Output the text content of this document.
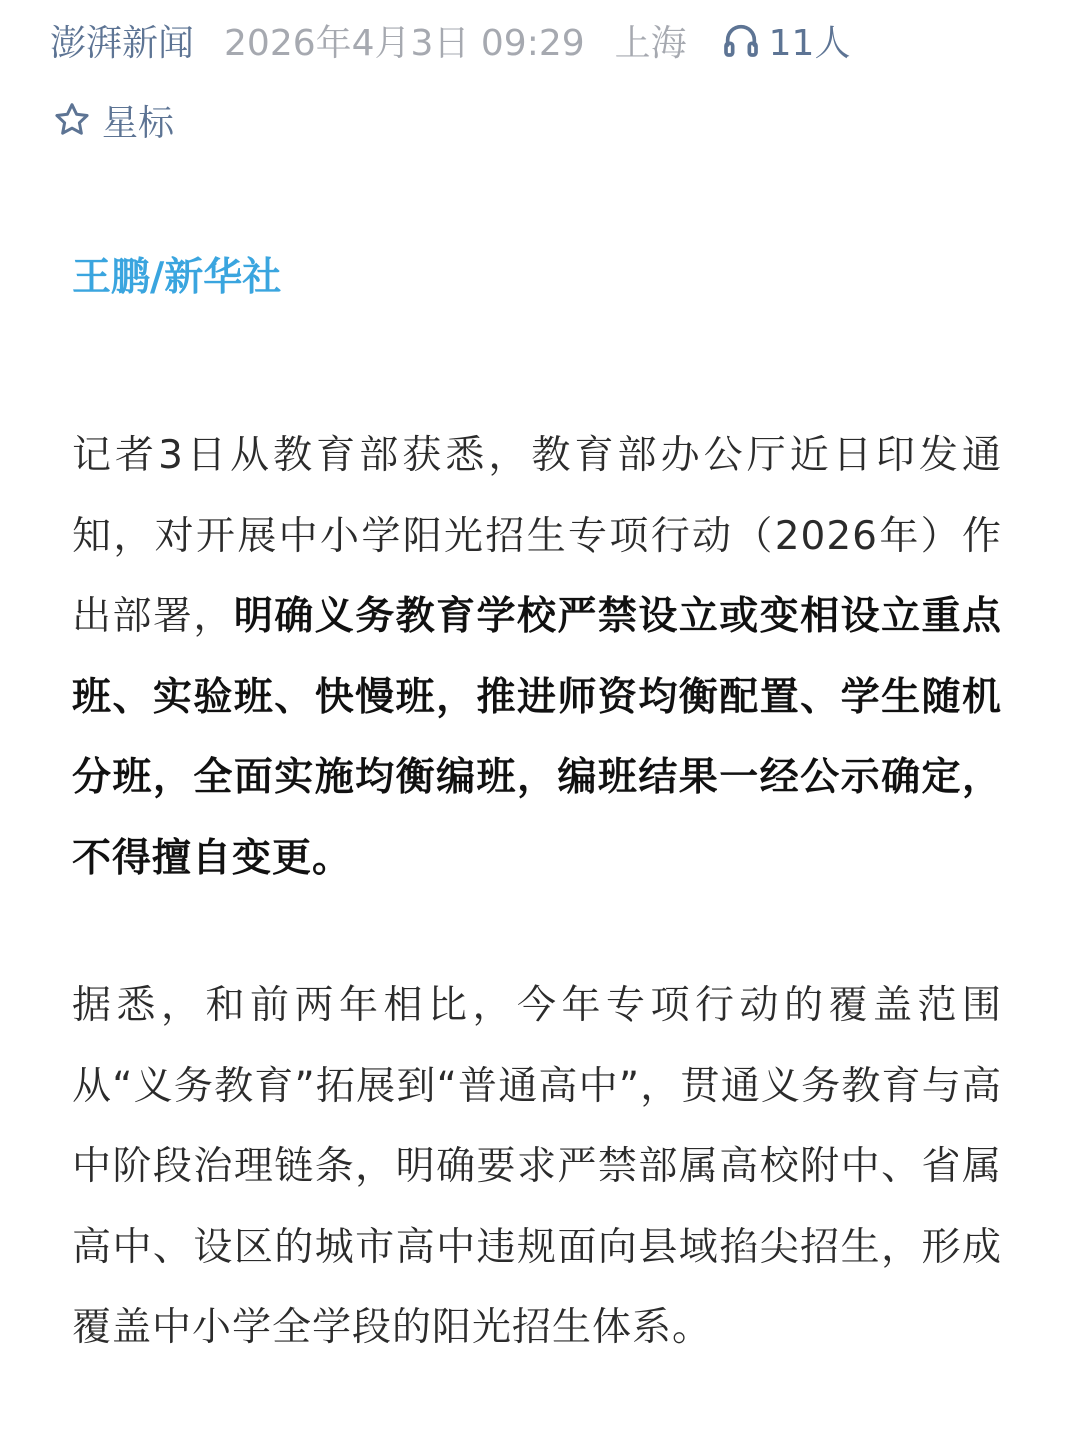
澎湃新闻 2026年4月3日 09:29 上海 11人
星标
王鹏/新华社

记者3日从教育部获悉，教育部办公厅近日印发通知，对开展中小学阳光招生专项行动（2026年）作出部署，明确义务教育学校严禁设立或变相设立重点班、实验班、快慢班，推进师资均衡配置、学生随机分班，全面实施均衡编班，编班结果一经公示确定，不得擅自变更。

据悉，和前两年相比，今年专项行动的覆盖范围从“义务教育”拓展到“普通高中”，贯通义务教育与高中阶段治理链条，明确要求严禁部属高校附中、省属高中、设区的城市高中违规面向县域掐尖招生，形成覆盖中小学全学段的阳光招生体系。
